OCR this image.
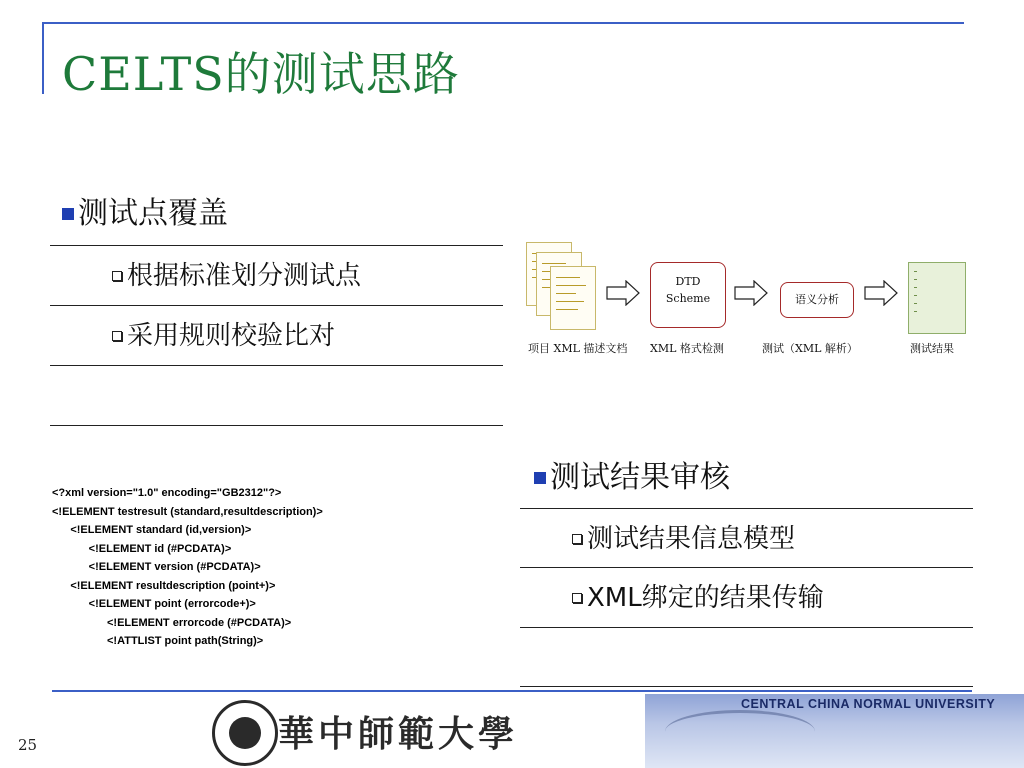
CELTS的测试思路
测试点覆盖
根据标准划分测试点
采用规则校验比对
<?xml version="1.0" encoding="GB2312"?>
<!ELEMENT testresult (standard,resultdescription)>
<!ELEMENT standard (id,version)>
<!ELEMENT id (#PCDATA)>
<!ELEMENT version (#PCDATA)>
<!ELEMENT resultdescription (point+)>
<!ELEMENT point (errorcode+)>
<!ELEMENT errorcode (#PCDATA)>
<!ATTLIST point path(String)>
DTD
Scheme	语义分析
项目 XML 描述文档 XML 格式检测	测试（XML 解析）	测试结果
测试结果审核
测试结果信息模型
XML绑定的结果传输
25	華中師範大學
CENTRAL CHINA NORMAL UNIVERSITY
